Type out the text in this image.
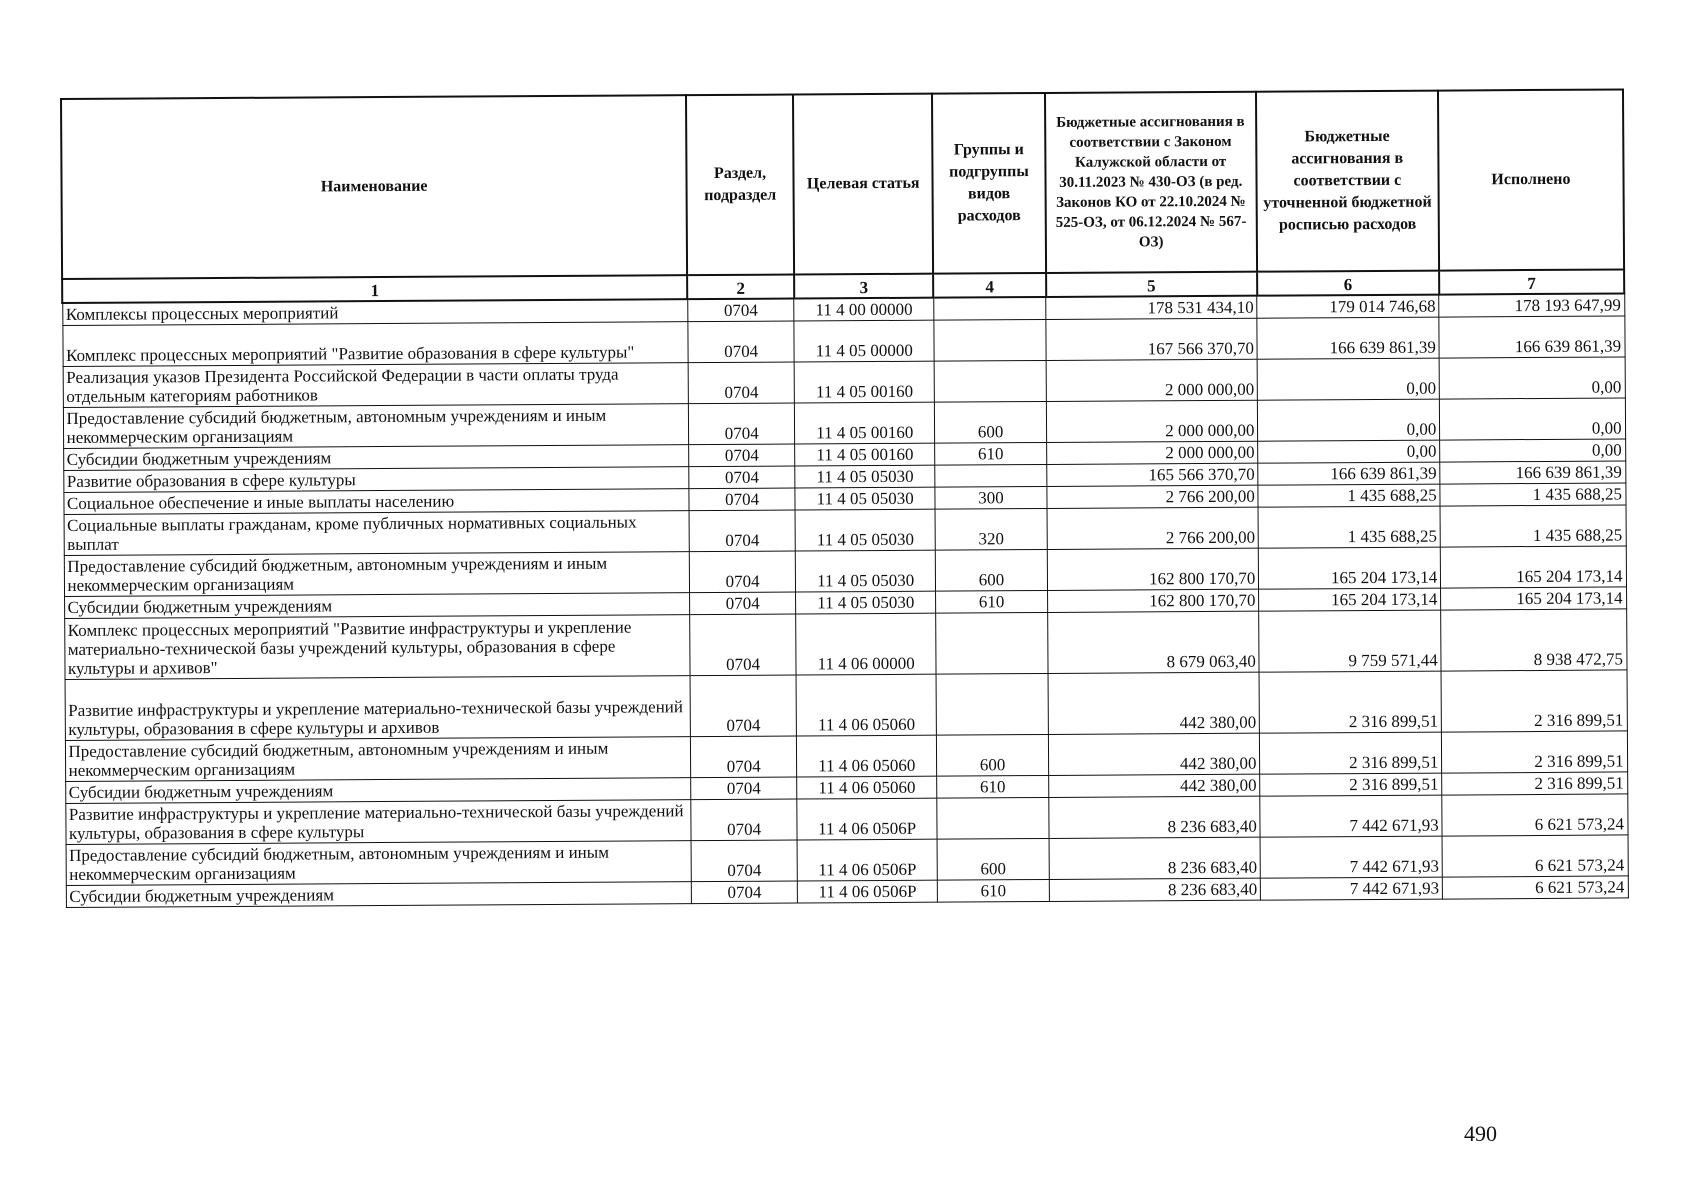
Наименование	Раздел, подраздел	Целевая статья	Группы и подгруппы видов расходов	Бюджетные ассигнования в соответствии с Законом Калужской области от 30.11.2023 № 430-ОЗ (в ред. Законов КО от 22.10.2024 № 525-ОЗ, от 06.12.2024 № 567-ОЗ)	Бюджетные ассигнования в соответствии с уточненной бюджетной росписью расходов	Исполнено
1	2	3	4	5	6	7
Комплексы процессных мероприятий	0704	11 4 00 00000		178 531 434,10	179 014 746,68	178 193 647,99
Комплекс процессных мероприятий "Развитие образования в сфере культуры"	0704	11 4 05 00000		167 566 370,70	166 639 861,39	166 639 861,39
Реализация указов Президента Российской Федерации в части оплаты труда отдельным категориям работников	0704	11 4 05 00160		2 000 000,00	0,00	0,00
Предоставление субсидий бюджетным, автономным учреждениям и иным некоммерческим организациям	0704	11 4 05 00160	600	2 000 000,00	0,00	0,00
Субсидии бюджетным учреждениям	0704	11 4 05 00160	610	2 000 000,00	0,00	0,00
Развитие образования в сфере культуры	0704	11 4 05 05030		165 566 370,70	166 639 861,39	166 639 861,39
Социальное обеспечение и иные выплаты населению	0704	11 4 05 05030	300	2 766 200,00	1 435 688,25	1 435 688,25
Социальные выплаты гражданам, кроме публичных нормативных социальных выплат	0704	11 4 05 05030	320	2 766 200,00	1 435 688,25	1 435 688,25
Предоставление субсидий бюджетным, автономным учреждениям и иным некоммерческим организациям	0704	11 4 05 05030	600	162 800 170,70	165 204 173,14	165 204 173,14
Субсидии бюджетным учреждениям	0704	11 4 05 05030	610	162 800 170,70	165 204 173,14	165 204 173,14
Комплекс процессных мероприятий "Развитие инфраструктуры и укрепление материально-технической базы учреждений культуры, образования в сфере культуры и архивов"	0704	11 4 06 00000		8 679 063,40	9 759 571,44	8 938 472,75
Развитие инфраструктуры и укрепление материально-технической базы учреждений культуры, образования в сфере культуры и архивов	0704	11 4 06 05060		442 380,00	2 316 899,51	2 316 899,51
Предоставление субсидий бюджетным, автономным учреждениям и иным некоммерческим организациям	0704	11 4 06 05060	600	442 380,00	2 316 899,51	2 316 899,51
Субсидии бюджетным учреждениям	0704	11 4 06 05060	610	442 380,00	2 316 899,51	2 316 899,51
Развитие инфраструктуры и укрепление материально-технической базы учреждений культуры, образования в сфере культуры	0704	11 4 06 0506Р		8 236 683,40	7 442 671,93	6 621 573,24
Предоставление субсидий бюджетным, автономным учреждениям и иным некоммерческим организациям	0704	11 4 06 0506Р	600	8 236 683,40	7 442 671,93	6 621 573,24
Субсидии бюджетным учреждениям	0704	11 4 06 0506Р	610	8 236 683,40	7 442 671,93	6 621 573,24
490
